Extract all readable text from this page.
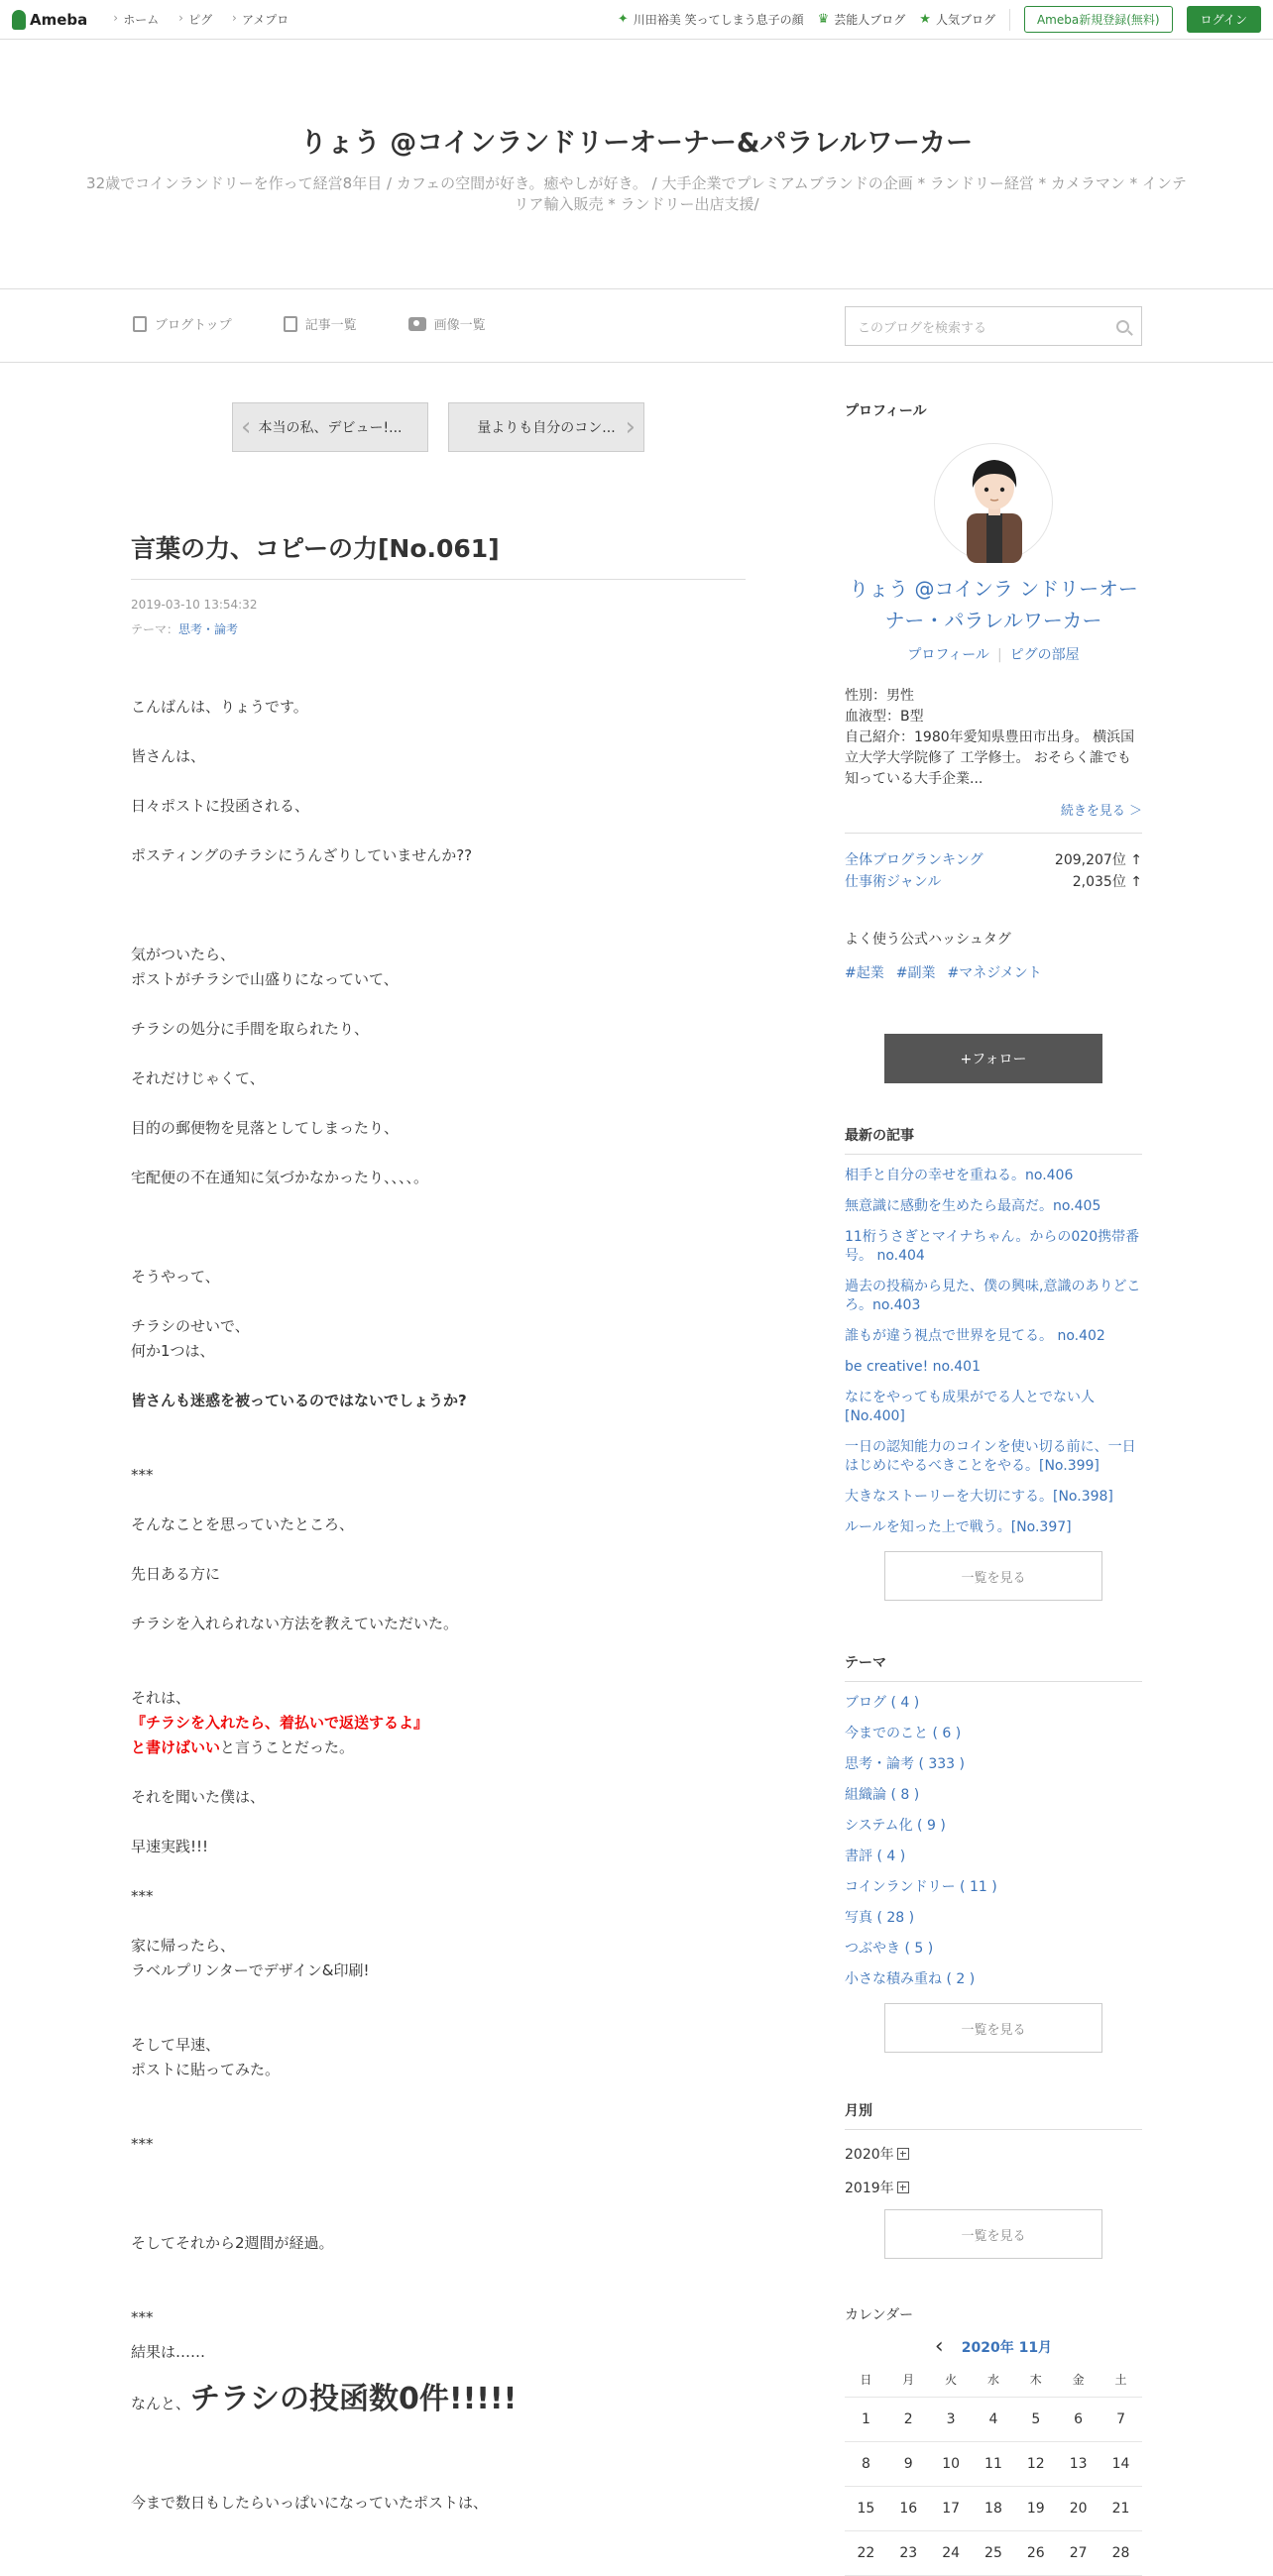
Ameba	› ホーム › ピグ › アメプロ	✦ 川田裕美 笑ってしまう息子の顔 ♛ 芸能人ブログ ★ 人気ブログ	Ameba新規登録(無料)	ログイン
りょう @コインランドリーオーナー&パラレルワーカー
32歳でコインランドリーを作って経営8年目 / カフェの空間が好き。癒やしが好き。 / 大手企業でプレミアムブランドの企画 * ランドリー経営 * カメラマン * インテリア輸入販売 * ランドリー出店支援/
ブログトップ	記事一覧	画像一覧	このブログを検索する
‹ 本当の私、デビュー!...	量よりも自分のコン... ›
言葉の力、コピーの力[No.061]
2019-03-10 13:54:32
テーマ：思考・論考
こんばんは、りょうです。
皆さんは、
日々ポストに投函される、
ポスティングのチラシにうんざりしていませんか??
気がついたら、
ポストがチラシで山盛りになっていて、
チラシの処分に手間を取られたり、
それだけじゃくて、
目的の郵便物を見落としてしまったり、
宅配便の不在通知に気づかなかったり、、、、。
そうやって、
チラシのせいで、
何か1つは、
皆さんも迷惑を被っているのではないでしょうか?
***
そんなことを思っていたところ、
先日ある方に
チラシを入れられない方法を教えていただいた。
それは、
『チラシを入れたら、着払いで返送するよ』
と書けばいいと言うことだった。
それを聞いた僕は、
早速実践!!!
***
家に帰ったら、
ラベルプリンターでデザイン&印刷!
そして早速、
ポストに貼ってみた。
***
そしてそれから2週間が経過。
***
結果は……
なんと、チラシの投函数0件!!!!!
今まで数日もしたらいっぱいになっていたポストは、
プロフィール
りょう @コインラ ンドリーオーナー・パラレルワーカー
プロフィール | ピグの部屋
性別：男性
血液型：B型
自己紹介：1980年愛知県豊田市出身。 横浜国立大学大学院修了 工学修士。 おそらく誰でも知っている大手企業...
続きを見る ＞
全体ブログランキング	209,207位 ↑
仕事術ジャンル	2,035位 ↑
よく使う公式ハッシュタグ
#起業 #副業 #マネジメント
+フォロー
最新の記事
相手と自分の幸せを重ねる。no.406
無意識に感動を生めたら最高だ。no.405
11桁うさぎとマイナちゃん。からの020携帯番号。 no.404
過去の投稿から見た、僕の興味,意識のありどころ。no.403
誰もが違う視点で世界を見てる。 no.402
be creative! no.401
なにをやっても成果がでる人とでない人[No.400]
一日の認知能力のコインを使い切る前に、一日はじめにやるべきことをやる。[No.399]
大きなストーリーを大切にする。[No.398]
ルールを知った上で戦う。[No.397]
一覧を見る
テーマ
ブログ ( 4 )
今までのこと ( 6 )
思考・論考 ( 333 )
組織論 ( 8 )
システム化 ( 9 )
書評 ( 4 )
コインランドリー ( 11 )
写真 ( 28 )
つぶやき ( 5 )
小さな積み重ね ( 2 )
一覧を見る
月別
2020年
2019年
一覧を見る
カレンダー
‹ 2020年 11月
日	月	火	水	木	金	土
1	2	3	4	5	6	7
8	9	10	11	12	13	14
15	16	17	18	19	20	21
22	23	24	25	26	27	28
